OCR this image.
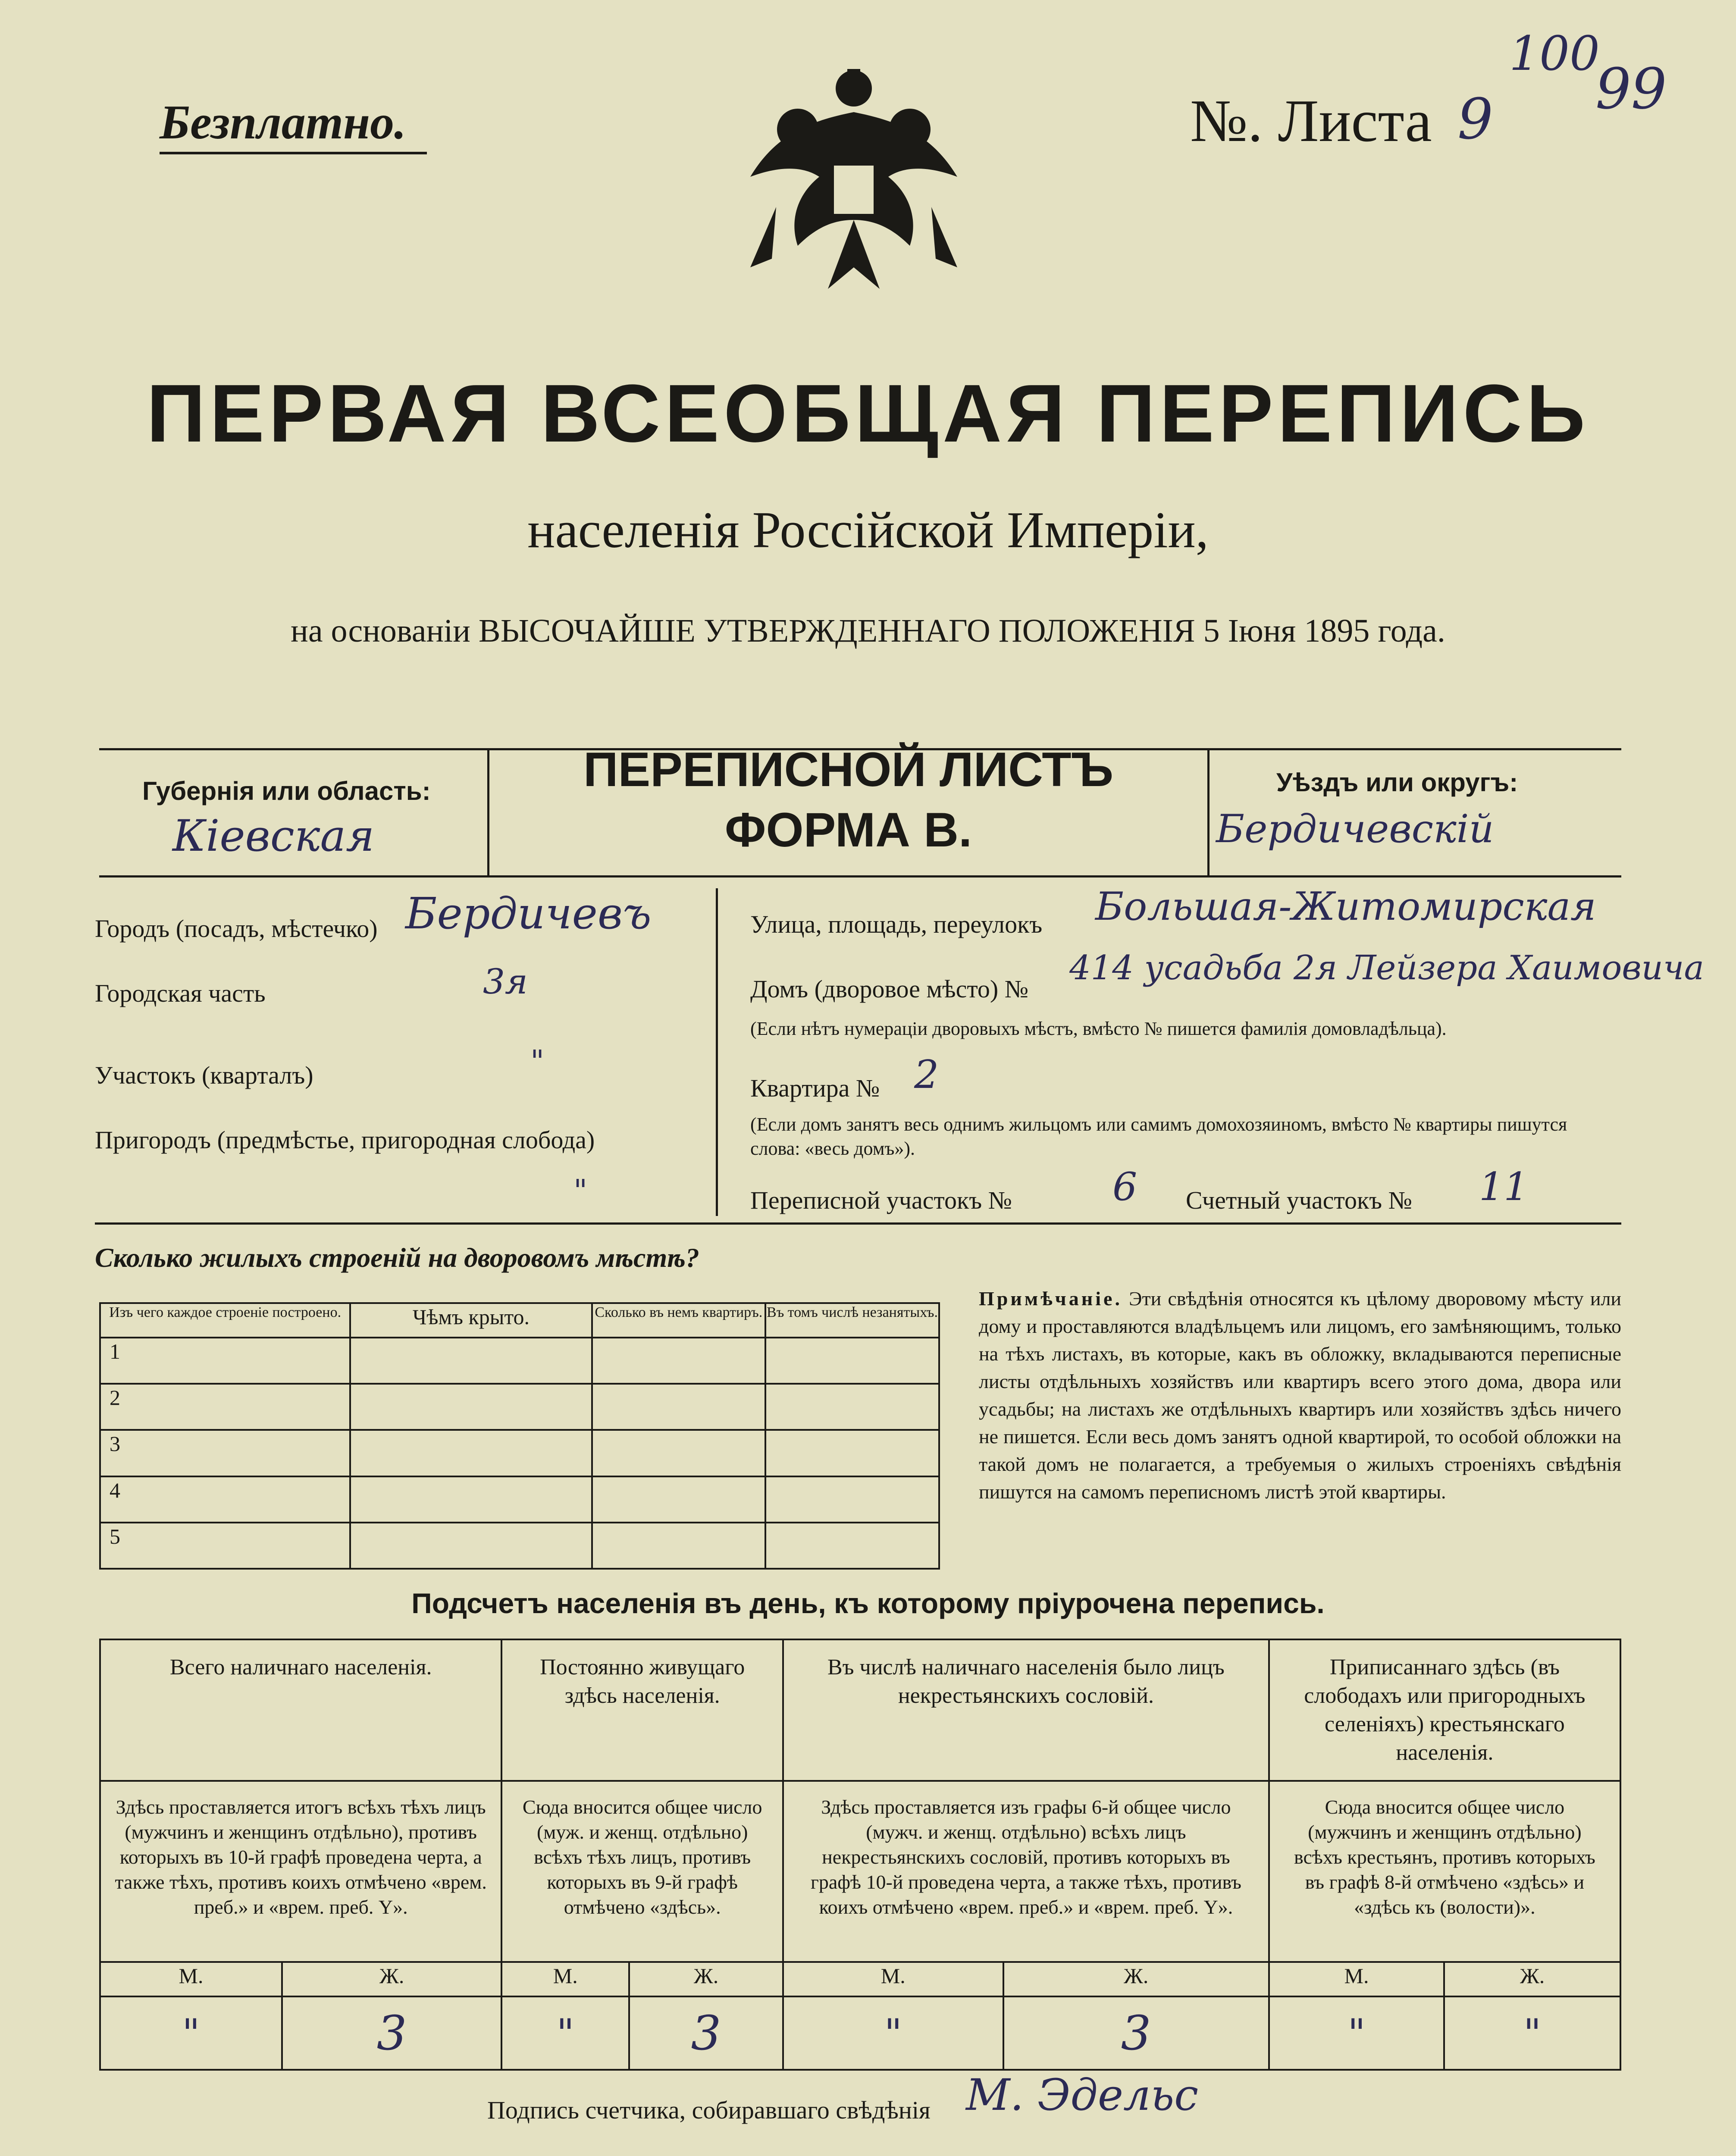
100
99
Безплатно.	№. Листа 9
ПЕРВАЯ ВСЕОБЩАЯ ПЕРЕПИСЬ
населенія Россійской Имперіи,
на основаніи ВЫСОЧАЙШЕ УТВЕРЖДЕННАГО ПОЛОЖЕНІЯ 5 Іюня 1895 года.
Губернія или область:
Кіевская
ПЕРЕПИСНОЙ ЛИСТЪ
ФОРМА В.
Уѣздъ или округъ:
Бердичевскій
Городъ (посадъ, мѣстечко) Бердичевъ
Городская часть	3я
Участокъ (кварталъ)	"
Пригородъ (предмѣстье, пригородная слобода)
"
Улица, площадь, переулокъ Большая-Житомирская
Домъ (дворовое мѣсто) №
414 усадьба 2я Лейзера Хаимовича
(Если нѣтъ нумераціи дворовыхъ мѣстъ, вмѣсто № пишется фамилія домовладѣльца).
Квартира № 2
(Если домъ занятъ весь однимъ жильцомъ или самимъ домохозяиномъ, вмѣсто № квартиры пишутся слова: «весь домъ»).
Переписной участокъ №	6 Счетный участокъ № 11
Сколько жилыхъ строеній на дворовомъ мѣстѣ?
Изъ чего каждое строеніе построено.	Чѣмъ крыто.	Сколько въ немъ квартиръ.	Въ томъ числѣ незанятыхъ.
1			
2			
3			
4			
5			
Примѣчаніе. Эти свѣдѣнія относятся къ цѣлому дворовому мѣсту или дому и проставляются владѣльцемъ или лицомъ, его замѣняющимъ, только на тѣхъ листахъ, въ которые, какъ въ обложку, вкладываются переписные листы отдѣльныхъ хозяйствъ или квартиръ всего этого дома, двора или усадьбы; на листахъ же отдѣльныхъ квартиръ или хозяйствъ здѣсь ничего не пишется. Если весь домъ занятъ одной квартирой, то особой обложки на такой домъ не полагается, а требуемыя о жилыхъ строеніяхъ свѣдѣнія пишутся на самомъ переписномъ листѣ этой квартиры.
Подсчетъ населенія въ день, къ которому пріурочена перепись.
Всего наличнаго населенія.		Постоянно живущаго здѣсь населенія.		Въ числѣ наличнаго населенія было лицъ некрестьянскихъ сословій.		Приписаннаго здѣсь (въ слободахъ или пригородныхъ селеніяхъ) крестьянскаго населенія.	
Здѣсь проставляется итогъ всѣхъ тѣхъ лицъ (мужчинъ и женщинъ отдѣльно), противъ которыхъ въ 10-й графѣ проведена черта, а также тѣхъ, противъ коихъ отмѣчено «врем. преб.» и «врем. преб. Y».		Сюда вносится общее число (муж. и женщ. отдѣльно) всѣхъ тѣхъ лицъ, противъ которыхъ въ 9-й графѣ отмѣчено «здѣсь».		Здѣсь проставляется изъ графы 6-й общее число (мужч. и женщ. отдѣльно) всѣхъ лицъ некрестьянскихъ сословій, противъ которыхъ въ графѣ 10-й проведена черта, а также тѣхъ, противъ коихъ отмѣчено «врем. преб.» и «врем. преб. Y».		Сюда вносится общее число (мужчинъ и женщинъ отдѣльно) всѣхъ крестьянъ, противъ которыхъ въ графѣ 8-й отмѣчено «здѣсь» и «здѣсь къ (волости)».	
М.	Ж.	М.	Ж.	М.	Ж.	М.	Ж.
"	3	"	3	"	3	"	"
Подпись счетчика, собиравшаго свѣдѣнія М. Эдельс
